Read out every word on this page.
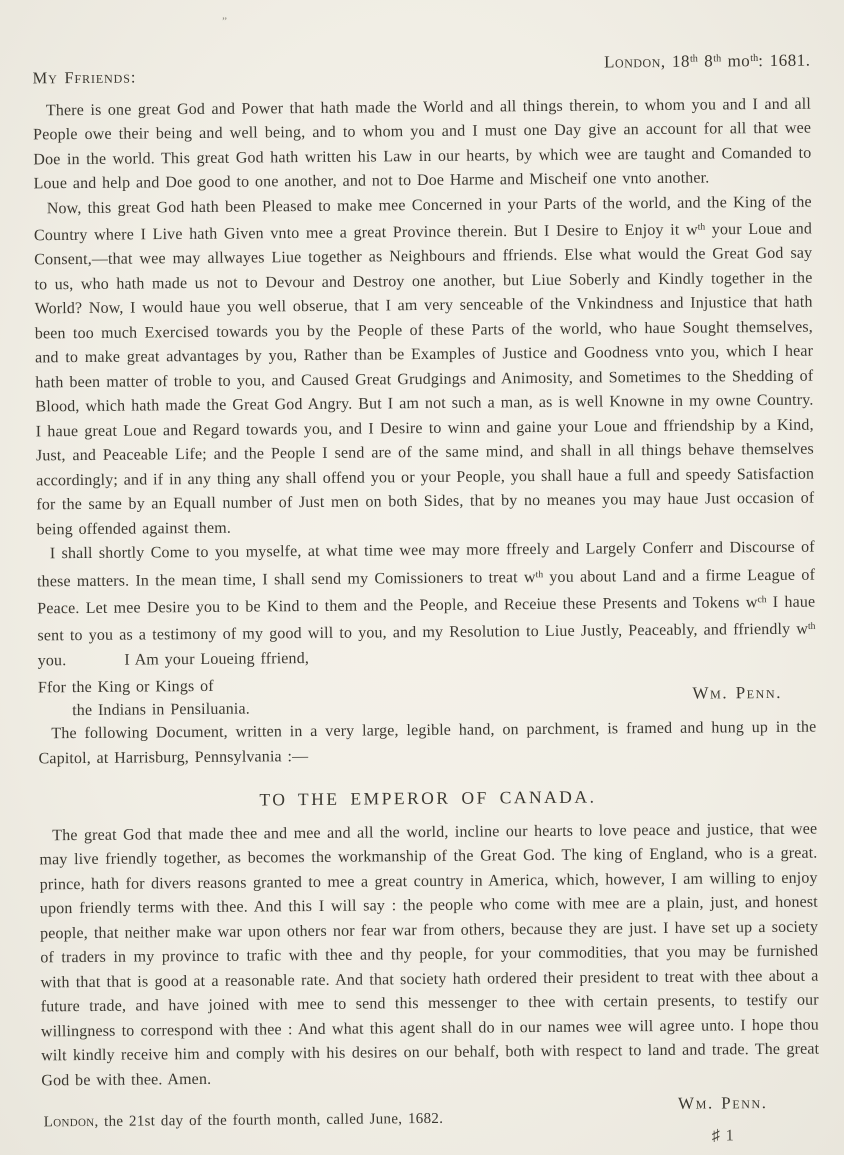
”
My Ffriends:
London, 18th 8th $mo^{th}$: 1681.

There is one great God and Power that hath made the World and all things therein, to whom you and I and all People owe their being and well being, and to whom you and I must one Day give an account for all that wee Doe in the world. This great God hath written his Law in our hearts, by which wee are taught and Comanded to Loue and help and Doe good to one another, and not to Doe Harme and Mischeif one vnto another.

Now, this great God hath been Pleased to make mee Concerned in your Parts of the world, and the King of the Country where I Live hath Given vnto mee a great Province therein. But I Desire to Enjoy it $w^{th}$ your Loue and Consent,—that wee may allwayes Liue together as Neighbours and ffriends. Else what would the Great God say to us, who hath made us not to Devour and Destroy one another, but Liue Soberly and Kindly together in the World? Now, I would haue you well obserue, that I am very senceable of the Vnkindness and Injustice that hath been too much Exercised towards you by the People of these Parts of the world, who haue Sought themselves, and to make great advantages by you, Rather than be Examples of Justice and Goodness vnto you, which I hear hath been matter of troble to you, and Caused Great Grudgings and Animosity, and Sometimes to the Shedding of Blood, which hath made the Great God Angry. But I am not such a man, as is well Knowne in my owne Country. I haue great Loue and Regard towards you, and I Desire to winn and gaine your Loue and ffriendship by a Kind, Just, and Peaceable Life; and the People I send are of the same mind, and shall in all things behave themselves accordingly; and if in any thing any shall offend you or your People, you shall haue a full and speedy Satisfaction for the same by an Equall number of Just men on both Sides, that by no meanes you may haue Just occasion of being offended against them.

I shall shortly Come to you myselfe, at what time wee may more ffreely and Largely Conferr and Discourse of these matters. In the mean time, I shall send my Comissioners to treat $w^{th}$ you about Land and a firme League of Peace. Let mee Desire you to be Kind to them and the People, and Receiue these Presents and Tokens $w^{ch}$ I haue sent to you as a testimony of my good will to you, and my Resolution to Liue Justly, Peaceably, and ffriendly $w^{th}$ you.	I Am your Loueing ffriend,

Ffor the King or Kings of
the Indians in Pensiluania.
Wm. Penn.

The following Document, written in a very large, legible hand, on parchment, is framed and hung up in the Capitol, at Harrisburg, Pennsylvania :—

TO THE EMPEROR OF CANADA.

The great God that made thee and mee and all the world, incline our hearts to love peace and justice, that wee may live friendly together, as becomes the workmanship of the Great God. The king of England, who is a great. prince, hath for divers reasons granted to mee a great country in America, which, however, I am willing to enjoy upon friendly terms with thee. And this I will say : the people who come with mee are a plain, just, and honest people, that neither make war upon others nor fear war from others, because they are just. I have set up a society of traders in my province to trafic with thee and thy people, for your commodities, that you may be furnished with that that is good at a reasonable rate. And that society hath ordered their president to treat with thee about a future trade, and have joined with mee to send this messenger to thee with certain presents, to testify our willingness to correspond with thee : And what this agent shall do in our names wee will agree unto. I hope thou wilt kindly receive him and comply with his desires on our behalf, both with respect to land and trade. The great God be with thee. Amen.

Wm. Penn.
London, the 21st day of the fourth month, called June, 1682.
♯ 1
